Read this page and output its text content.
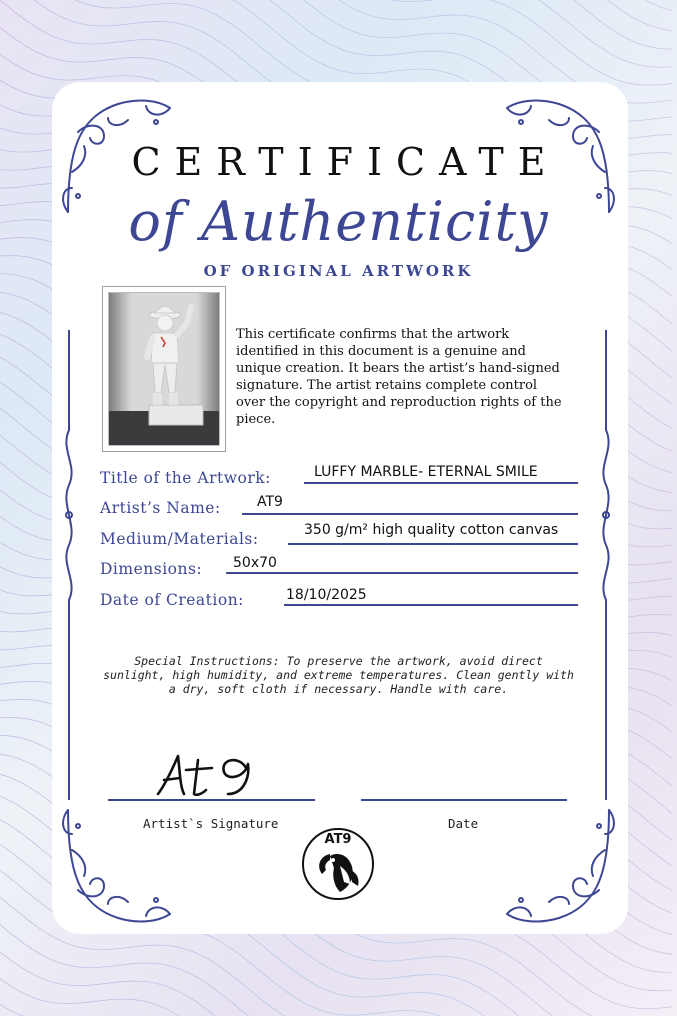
CERTIFICATE
of Authenticity
OF ORIGINAL ARTWORK
This certificate confirms that the artwork identified in this document is a genuine and unique creation. It bears the artist’s hand-signed signature. The artist retains complete control over the copyright and reproduction rights of the piece.
Title of the Artwork:	LUFFY MARBLE- ETERNAL SMILE
Artist’s Name:	AT9
Medium/Materials:	350 g/m² high quality cotton canvas
Dimensions: 50x70
Date of Creation:	18/10/2025
Special Instructions: To preserve the artwork, avoid direct sunlight, high humidity, and extreme temperatures. Clean gently with a dry, soft cloth if necessary. Handle with care.
Artist`s Signature	Date
AT9
